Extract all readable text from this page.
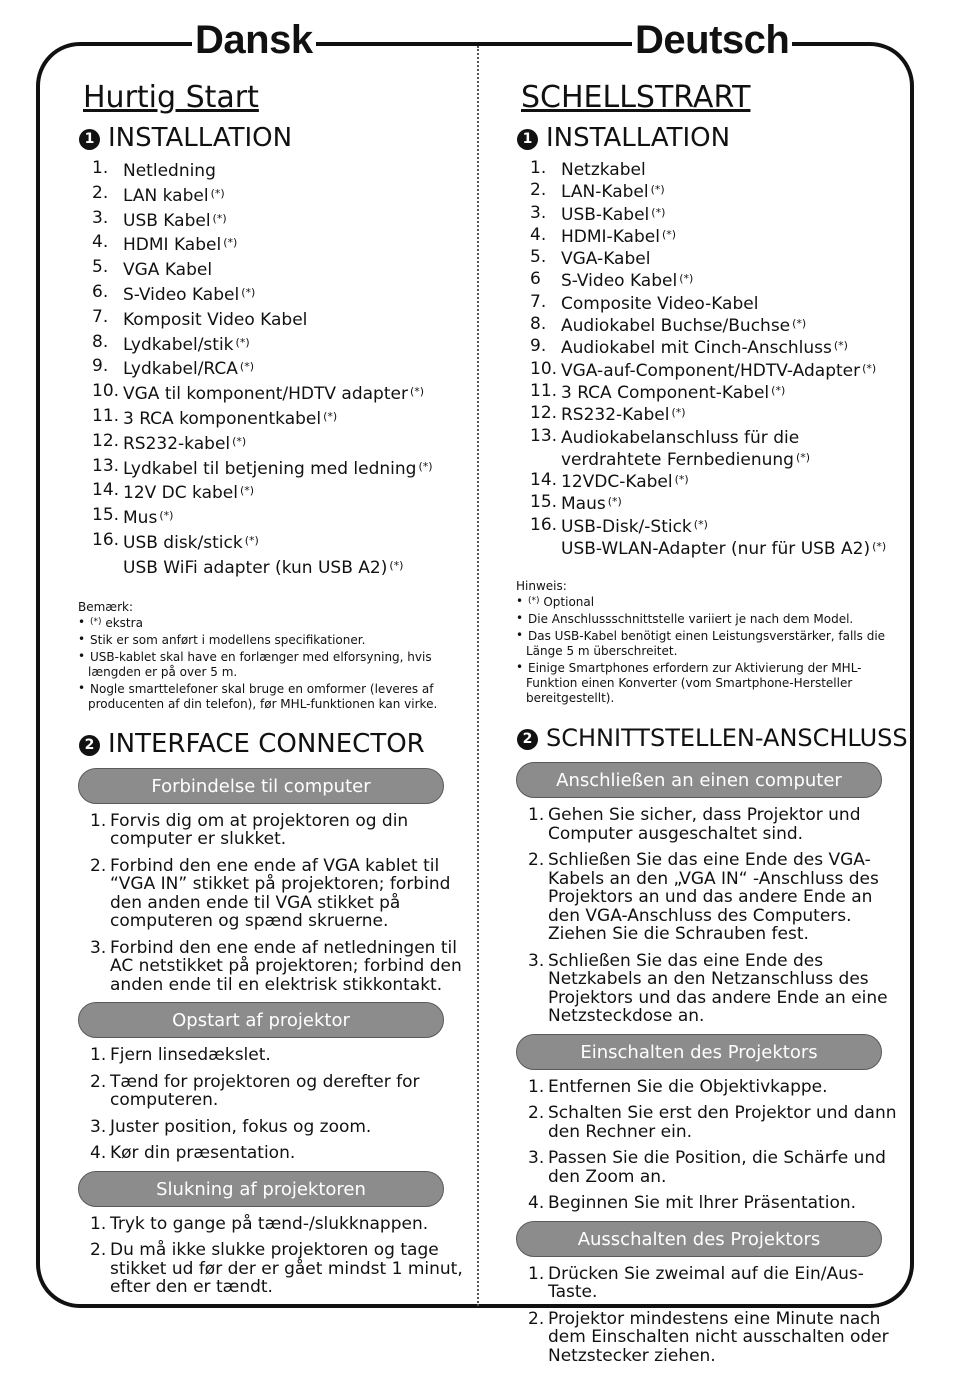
Dansk	Deutsch
Hurtig Start
1 INSTALLATION
1. Netledning
2. LAN kabel (*)
3. USB Kabel (*)
4. HDMI Kabel (*)
5. VGA Kabel
6. S-Video Kabel (*)
7. Komposit Video Kabel
8. Lydkabel/stik (*)
9. Lydkabel/RCA (*)
10. VGA til komponent/HDTV adapter (*)
11. 3 RCA komponentkabel (*)
12. RS232-kabel (*)
13. Lydkabel til betjening med ledning (*)
14. 12V DC kabel (*)
15. Mus (*)
16. USB disk/stick (*)
USB WiFi adapter (kun USB A2) (*)
Bemærk:
• (*) ekstra
• Stik er som anført i modellens specifikationer.
• USB-kablet skal have en forlænger med elforsyning, hvis længden er på over 5 m.
• Nogle smarttelefoner skal bruge en omformer (leveres af producenten af din telefon), før MHL-funktionen kan virke.
2 INTERFACE CONNECTOR
Forbindelse til computer
1. Forvis dig om at projektoren og din computer er slukket.
2. Forbind den ene ende af VGA kablet til “VGA IN” stikket på projektoren; forbind den anden ende til VGA stikket på computeren og spænd skruerne.
3. Forbind den ene ende af netledningen til AC netstikket på projektoren; forbind den anden ende til en elektrisk stikkontakt.
Opstart af projektor
1. Fjern linsedækslet.
2. Tænd for projektoren og derefter for computeren.
3. Juster position, fokus og zoom.
4. Kør din præsentation.
Slukning af projektoren
1. Tryk to gange på tænd-/slukknappen.
2. Du må ikke slukke projektoren og tage stikket ud før der er gået mindst 1 minut, efter den er tændt.
SCHELLSTRART
1 INSTALLATION
1. Netzkabel
2. LAN-Kabel (*)
3. USB-Kabel (*)
4. HDMI-Kabel (*)
5. VGA-Kabel
6 S-Video Kabel (*)
7. Composite Video-Kabel
8. Audiokabel Buchse/Buchse (*)
9. Audiokabel mit Cinch-Anschluss (*)
10. VGA-auf-Component/HDTV-Adapter (*)
11. 3 RCA Component-Kabel (*)
12. RS232-Kabel (*)
13. Audiokabelanschluss für die
verdrahtete Fernbedienung (*)
14. 12VDC-Kabel (*)
15. Maus (*)
16. USB-Disk/-Stick (*)
USB-WLAN-Adapter (nur für USB A2) (*)
Hinweis:
• (*) Optional
• Die Anschlussschnittstelle variiert je nach dem Model.
• Das USB-Kabel benötigt einen Leistungsverstärker, falls die Länge 5 m überschreitet.
• Einige Smartphones erfordern zur Aktivierung der MHL-Funktion einen Konverter (vom Smartphone-Hersteller bereitgestellt).
2 SCHNITTSTELLEN-ANSCHLUSS
Anschließen an einen computer
1. Gehen Sie sicher, dass Projektor und Computer ausgeschaltet sind.
2. Schließen Sie das eine Ende des VGA-Kabels an den „VGA IN“ -Anschluss des Projektors an und das andere Ende an den VGA-Anschluss des Computers. Ziehen Sie die Schrauben fest.
3. Schließen Sie das eine Ende des Netzkabels an den Netzanschluss des Projektors und das andere Ende an eine Netzsteckdose an.
Einschalten des Projektors
1. Entfernen Sie die Objektivkappe.
2. Schalten Sie erst den Projektor und dann den Rechner ein.
3. Passen Sie die Position, die Schärfe und den Zoom an.
4. Beginnen Sie mit lhrer Präsentation.
Ausschalten des Projektors
1. Drücken Sie zweimal auf die Ein/Aus-Taste.
2. Projektor mindestens eine Minute nach dem Einschalten nicht ausschalten oder Netzstecker ziehen.
